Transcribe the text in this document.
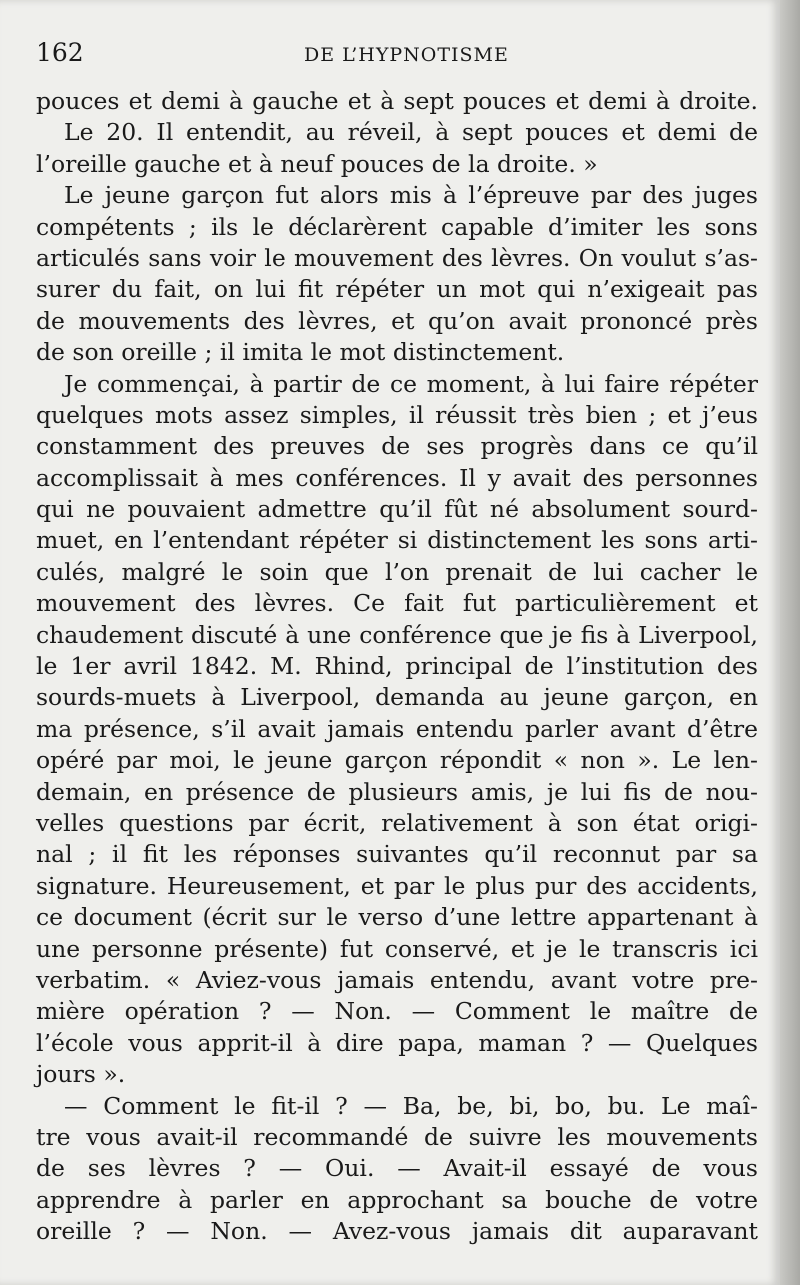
162	DE L’HYPNOTISME
pouces et demi à gauche et à sept pouces et demi à droite.
Le 20. Il entendit, au réveil, à sept pouces et demi de
l’oreille gauche et à neuf pouces de la droite. »
Le jeune garçon fut alors mis à l’épreuve par des juges
compétents ; ils le déclarèrent capable d’imiter les sons
articulés sans voir le mouvement des lèvres. On voulut s’as-
surer du fait, on lui fit répéter un mot qui n’exigeait pas
de mouvements des lèvres, et qu’on avait prononcé près
de son oreille ; il imita le mot distinctement.
Je commençai, à partir de ce moment, à lui faire répéter
quelques mots assez simples, il réussit très bien ; et j’eus
constamment des preuves de ses progrès dans ce qu’il
accomplissait à mes conférences. Il y avait des personnes
qui ne pouvaient admettre qu’il fût né absolument sourd-
muet, en l’entendant répéter si distinctement les sons arti-
culés, malgré le soin que l’on prenait de lui cacher le
mouvement des lèvres. Ce fait fut particulièrement et
chaudement discuté à une conférence que je fis à Liverpool,
le 1er avril 1842. M. Rhind, principal de l’institution des
sourds-muets à Liverpool, demanda au jeune garçon, en
ma présence, s’il avait jamais entendu parler avant d’être
opéré par moi, le jeune garçon répondit « non ». Le len-
demain, en présence de plusieurs amis, je lui fis de nou-
velles questions par écrit, relativement à son état origi-
nal ; il fit les réponses suivantes qu’il reconnut par sa
signature. Heureusement, et par le plus pur des accidents,
ce document (écrit sur le verso d’une lettre appartenant à
une personne présente) fut conservé, et je le transcris ici
verbatim. « Aviez-vous jamais entendu, avant votre pre-
mière opération ? — Non. — Comment le maître de
l’école vous apprit-il à dire papa, maman ? — Quelques
jours ».
— Comment le fit-il ? — Ba, be, bi, bo, bu. Le maî-
tre vous avait-il recommandé de suivre les mouvements
de ses lèvres ? — Oui. — Avait-il essayé de vous
apprendre à parler en approchant sa bouche de votre
oreille ? — Non. — Avez-vous jamais dit auparavant
